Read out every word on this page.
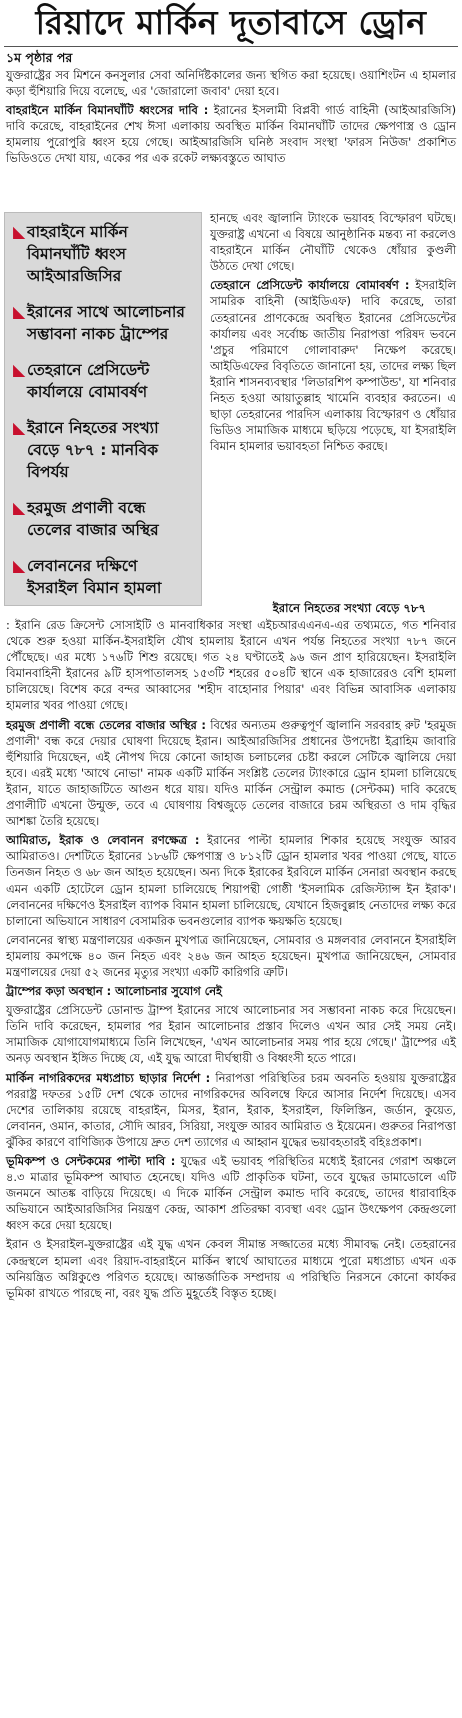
রিয়াদে মার্কিন দূতাবাসে ড্রোন
১ম পৃষ্ঠার পর

যুক্তরাষ্ট্রের সব মিশনে কনসুলার সেবা অনির্দিষ্টকালের জন্য স্থগিত করা হয়েছে। ওয়াশিংটন এ হামলার কড়া হুঁশিয়ারি দিয়ে বলেছে, এর 'জোরালো জবাব' দেয়া হবে।

বাহরাইনে মার্কিন বিমানঘাঁটি ধ্বংসের দাবি : ইরানের ইসলামী বিপ্লবী গার্ড বাহিনী (আইআরজিসি) দাবি করেছে, বাহরাইনের শেখ ঈসা এলাকায় অবস্থিত মার্কিন বিমানঘাঁটি তাদের ক্ষেপণাস্ত্র ও ড্রোন হামলায় পুরোপুরি ধ্বংস হয়ে গেছে। আইআরজিসি ঘনিষ্ঠ সংবাদ সংস্থা 'ফারস নিউজ' প্রকাশিত ভিডিওতে দেখা যায়, একের পর এক রকেট লক্ষ্যবস্তুতে আঘাত

◣ বাহরাইনে মার্কিন বিমানঘাঁটি ধ্বংস আইআরজিসির
◣ ইরানের সাথে আলোচনার সম্ভাবনা নাকচ ট্রাম্পের
◣ তেহরানে প্রেসিডেন্ট কার্যালয়ে বোমাবর্ষণ
◣ ইরানে নিহতের সংখ্যা বেড়ে ৭৮৭ : মানবিক বিপর্যয়
◣ হরমুজ প্রণালী বন্ধে তেলের বাজার অস্থির
◣ লেবাননের দক্ষিণে ইসরাইল বিমান হামলা

হানছে এবং জ্বালানি ট্যাংকে ভয়াবহ বিস্ফোরণ ঘটছে। যুক্তরাষ্ট্র এখনো এ বিষয়ে আনুষ্ঠানিক মন্তব্য না করলেও বাহরাইনে মার্কিন নৌঘাঁটি থেকেও ধোঁয়ার কুণ্ডলী উঠতে দেখা গেছে।

তেহরানে প্রেসিডেন্ট কার্যালয়ে বোমাবর্ষণ : ইসরাইলি সামরিক বাহিনী (আইডিএফ) দাবি করেছে, তারা তেহরানের প্রাণকেন্দ্রে অবস্থিত ইরানের প্রেসিডেন্টের কার্যালয় এবং সর্বোচ্চ জাতীয় নিরাপত্তা পরিষদ ভবনে 'প্রচুর পরিমাণে গোলাবারুদ' নিক্ষেপ করেছে। আইডিএফের বিবৃতিতে জানানো হয়, তাদের লক্ষ্য ছিল ইরানি শাসনব্যবস্থার 'লিডারশিপ কম্পাউন্ড', যা শনিবার নিহত হওয়া আয়াতুল্লাহ খামেনি ব্যবহার করতেন। এ ছাড়া তেহরানের পারদিস এলাকায় বিস্ফোরণ ও ধোঁয়ার ভিডিও সামাজিক মাধ্যমে ছড়িয়ে পড়েছে, যা ইসরাইলি বিমান হামলার ভয়াবহতা নিশ্চিত করছে।

ইরানে নিহতের সংখ্যা বেড়ে ৭৮৭

: ইরানি রেড ক্রিসেন্ট সোসাইটি ও মানবাধিকার সংস্থা এইচআরএএনএ-এর তথ্যমতে, গত শনিবার থেকে শুরু হওয়া মার্কিন-ইসরাইলি যৌথ হামলায় ইরানে এখন পর্যন্ত নিহতের সংখ্যা ৭৮৭ জনে পৌঁছেছে। এর মধ্যে ১৭৬টি শিশু রয়েছে। গত ২৪ ঘণ্টাতেই ৯৬ জন প্রাণ হারিয়েছেন। ইসরাইলি বিমানবাহিনী ইরানের ৯টি হাসপাতালসহ ১৫৩টি শহরের ৫০৪টি স্থানে এক হাজারেরও বেশি হামলা চালিয়েছে। বিশেষ করে বন্দর আব্বাসের 'শহীদ বাহোনার পিয়ার' এবং বিভিন্ন আবাসিক এলাকায় হামলার খবর পাওয়া গেছে।

হরমুজ প্রণালী বন্ধে তেলের বাজার অস্থির : বিশ্বের অন্যতম গুরুত্বপূর্ণ জ্বালানি সরবরাহ রুট 'হরমুজ প্রণালী' বন্ধ করে দেয়ার ঘোষণা দিয়েছে ইরান। আইআরজিসির প্রধানের উপদেষ্টা ইব্রাহিম জাবারি হুঁশিয়ারি দিয়েছেন, এই নৌপথ দিয়ে কোনো জাহাজ চলাচলের চেষ্টা করলে সেটিকে জ্বালিয়ে দেয়া হবে। এরই মধ্যে 'আথে নোভা' নামক একটি মার্কিন সংশ্লিষ্ট তেলের ট্যাংকারে ড্রোন হামলা চালিয়েছে ইরান, যাতে জাহাজটিতে আগুন ধরে যায়। যদিও মার্কিন সেন্ট্রাল কমান্ড (সেন্টকম) দাবি করেছে প্রণালীটি এখনো উন্মুক্ত, তবে এ ঘোষণায় বিশ্বজুড়ে তেলের বাজারে চরম অস্থিরতা ও দাম বৃদ্ধির আশঙ্কা তৈরি হয়েছে।

আমিরাত, ইরাক ও লেবানন রণক্ষেত্র : ইরানের পাল্টা হামলার শিকার হয়েছে সংযুক্ত আরব আমিরাতও। দেশটিতে ইরানের ১৮৬টি ক্ষেপণাস্ত্র ও ৮১২টি ড্রোন হামলার খবর পাওয়া গেছে, যাতে তিনজন নিহত ও ৬৮ জন আহত হয়েছেন। অন্য দিকে ইরাকের ইরবিলে মার্কিন সেনারা অবস্থান করছে এমন একটি হোটেলে ড্রোন হামলা চালিয়েছে শিয়াপন্থী গোষ্ঠী 'ইসলামিক রেজিস্ট্যান্স ইন ইরাক'। লেবাননের দক্ষিণেও ইসরাইল ব্যাপক বিমান হামলা চালিয়েছে, যেখানে হিজবুল্লাহ নেতাদের লক্ষ্য করে চালানো অভিযানে সাধারণ বেসামরিক ভবনগুলোর ব্যাপক ক্ষয়ক্ষতি হয়েছে।

লেবাননের স্বাস্থ্য মন্ত্রণালয়ের একজন মুখপাত্র জানিয়েছেন, সোমবার ও মঙ্গলবার লেবাননে ইসরাইলি হামলায় কমপক্ষে ৪০ জন নিহত এবং ২৪৬ জন আহত হয়েছেন। মুখপাত্র জানিয়েছেন, সোমবার মন্ত্রণালয়ের দেয়া ৫২ জনের মৃত্যুর সংখ্যা একটি কারিগরি ত্রুটি।

ট্রাম্পের কড়া অবস্থান : আলোচনার সুযোগ নেই

যুক্তরাষ্ট্রের প্রেসিডেন্ট ডোনাল্ড ট্রাম্প ইরানের সাথে আলোচনার সব সম্ভাবনা নাকচ করে দিয়েছেন। তিনি দাবি করেছেন, হামলার পর ইরান আলোচনার প্রস্তাব দিলেও এখন আর সেই সময় নেই। সামাজিক যোগাযোগমাধ্যমে তিনি লিখেছেন, 'এখন আলোচনার সময় পার হয়ে গেছে।' ট্রাম্পের এই অনড় অবস্থান ইঙ্গিত দিচ্ছে যে, এই যুদ্ধ আরো দীর্ঘস্থায়ী ও বিধ্বংসী হতে পারে।

মার্কিন নাগরিকদের মধ্যপ্রাচ্য ছাড়ার নির্দেশ : নিরাপত্তা পরিস্থিতির চরম অবনতি হওয়ায় যুক্তরাষ্ট্রের পররাষ্ট্র দফতর ১৫টি দেশ থেকে তাদের নাগরিকদের অবিলম্বে ফিরে আসার নির্দেশ দিয়েছে। এসব দেশের তালিকায় রয়েছে বাহরাইন, মিসর, ইরান, ইরাক, ইসরাইল, ফিলিস্তিন, জর্ডান, কুয়েত, লেবানন, ওমান, কাতার, সৌদি আরব, সিরিয়া, সংযুক্ত আরব আমিরাত ও ইয়েমেন। গুরুতর নিরাপত্তা ঝুঁকির কারণে বাণিজ্যিক উপায়ে দ্রুত দেশ ত্যাগের এ আহ্বান যুদ্ধের ভয়াবহতারই বহিঃপ্রকাশ।

ভূমিকম্প ও সেন্টকমের পাল্টা দাবি : যুদ্ধের এই ভয়াবহ পরিস্থিতির মধ্যেই ইরানের গেরাশ অঞ্চলে ৪.৩ মাত্রার ভূমিকম্প আঘাত হেনেছে। যদিও এটি প্রাকৃতিক ঘটনা, তবে যুদ্ধের ডামাডোলে এটি জনমনে আতঙ্ক বাড়িয়ে দিয়েছে। এ দিকে মার্কিন সেন্ট্রাল কমান্ড দাবি করেছে, তাদের ধারাবাহিক অভিযানে আইআরজিসির নিয়ন্ত্রণ কেন্দ্র, আকাশ প্রতিরক্ষা ব্যবস্থা এবং ড্রোন উৎক্ষেপণ কেন্দ্রগুলো ধ্বংস করে দেয়া হয়েছে।

ইরান ও ইসরাইল-যুক্তরাষ্ট্রের এই যুদ্ধ এখন কেবল সীমান্ত সজ্জাতের মধ্যে সীমাবদ্ধ নেই। তেহরানের কেন্দ্রস্থলে হামলা এবং রিয়াদ-বাহরাইনে মার্কিন স্বার্থে আঘাতের মাধ্যমে পুরো মধ্যপ্রাচ্য এখন এক অনিয়ন্ত্রিত অগ্নিকুণ্ডে পরিণত হয়েছে। আন্তর্জাতিক সম্প্রদায় এ পরিস্থিতি নিরসনে কোনো কার্যকর ভূমিকা রাখতে পারছে না, বরং যুদ্ধ প্রতি মুহূর্তেই বিস্তৃত হচ্ছে।
